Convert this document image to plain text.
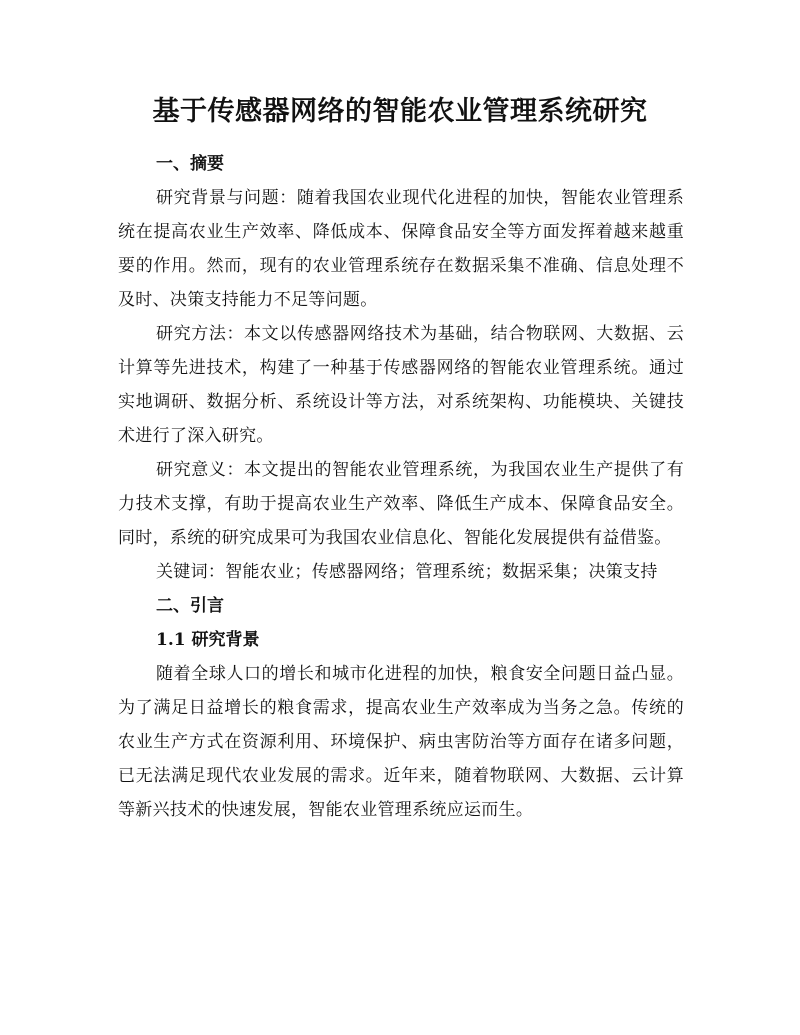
基于传感器网络的智能农业管理系统研究
一、摘要

研究背景与问题：随着我国农业现代化进程的加快，智能农业管理系统在提高农业生产效率、降低成本、保障食品安全等方面发挥着越来越重要的作用。然而，现有的农业管理系统存在数据采集不准确、信息处理不及时、决策支持能力不足等问题。

研究方法：本文以传感器网络技术为基础，结合物联网、大数据、云计算等先进技术，构建了一种基于传感器网络的智能农业管理系统。通过实地调研、数据分析、系统设计等方法，对系统架构、功能模块、关键技术进行了深入研究。

研究意义：本文提出的智能农业管理系统，为我国农业生产提供了有力技术支撑，有助于提高农业生产效率、降低生产成本、保障食品安全。同时，系统的研究成果可为我国农业信息化、智能化发展提供有益借鉴。

关键词：智能农业；传感器网络；管理系统；数据采集；决策支持

二、引言
1.1 研究背景

随着全球人口的增长和城市化进程的加快，粮食安全问题日益凸显。为了满足日益增长的粮食需求，提高农业生产效率成为当务之急。传统的农业生产方式在资源利用、环境保护、病虫害防治等方面存在诸多问题，已无法满足现代农业发展的需求。近年来，随着物联网、大数据、云计算等新兴技术的快速发展，智能农业管理系统应运而生。
